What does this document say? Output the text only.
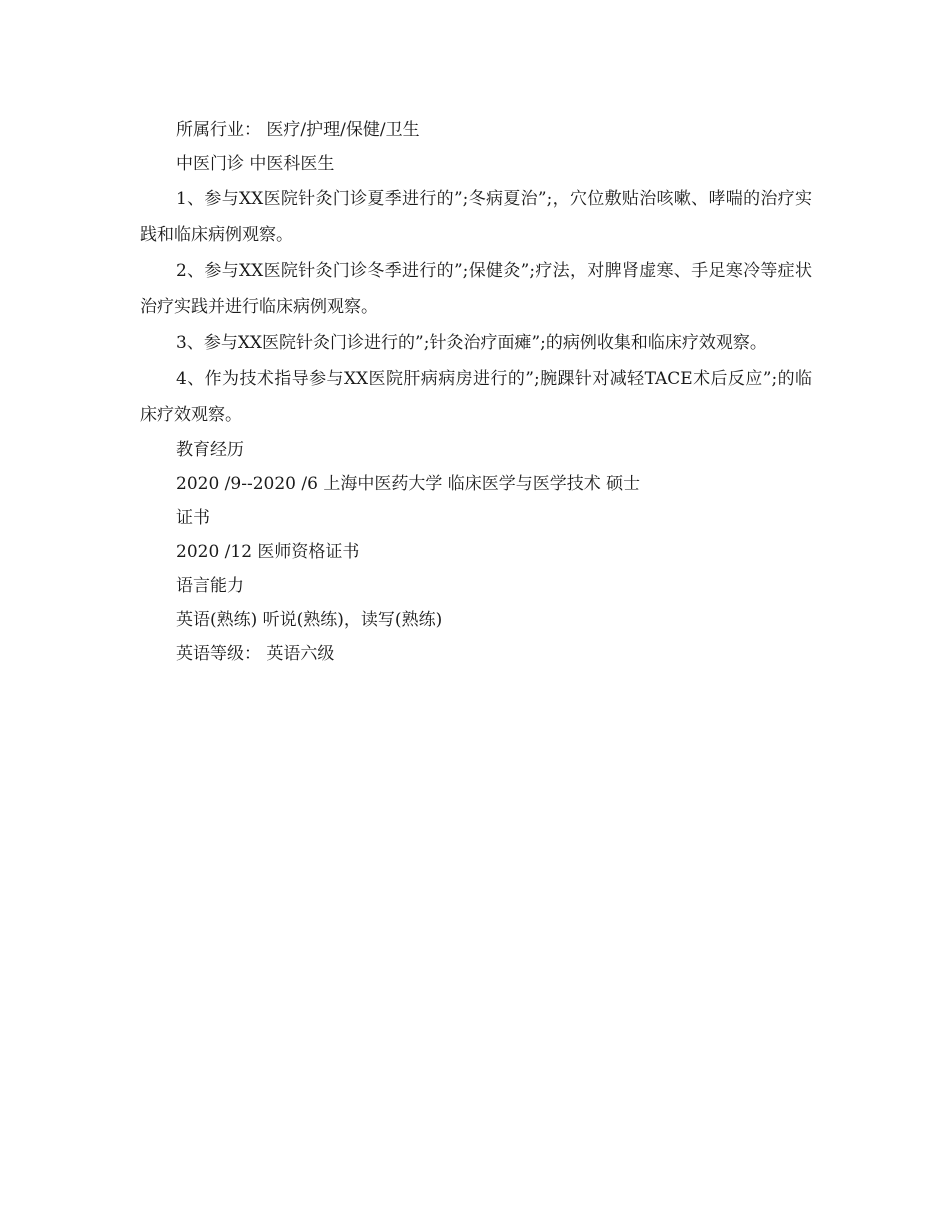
所属行业： 医疗/护理/保健/卫生

中医门诊 中医科医生

1、参与XX医院针灸门诊夏季进行的”;冬病夏治”;，穴位敷贴治咳嗽、哮喘的治疗实践和临床病例观察。

2、参与XX医院针灸门诊冬季进行的”;保健灸”;疗法，对脾肾虚寒、手足寒冷等症状治疗实践并进行临床病例观察。

3、参与XX医院针灸门诊进行的”;针灸治疗面瘫”;的病例收集和临床疗效观察。

4、作为技术指导参与XX医院肝病病房进行的”;腕踝针对减轻TACE术后反应”;的临床疗效观察。

教育经历

2020 /9--2020 /6 上海中医药大学 临床医学与医学技术 硕士

证书

2020 /12 医师资格证书

语言能力

英语(熟练) 听说(熟练)，读写(熟练)

英语等级： 英语六级
